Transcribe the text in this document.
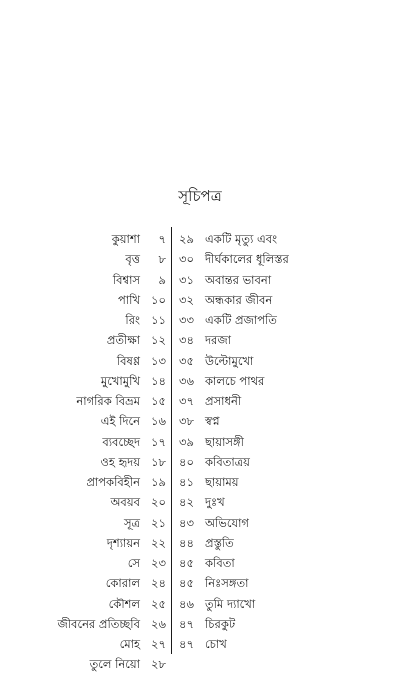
সূচিপত্র
কুয়াশা	৭
বৃত্ত	৮
বিশ্বাস	৯
পাখি ১০
রিং ১১
প্রতীক্ষা ১২
বিষণ্ণ ১৩
মুখোমুখি ১৪
নাগরিক বিভ্রম ১৫
এই দিনে ১৬
ব্যবচ্ছেদ ১৭
ওহ হৃদয় ১৮
প্রাপকবিহীন ১৯
অবয়ব ২০
সূত্র ২১
দৃশ্যায়ন ২২
সে ২৩
কোরাল ২৪
কৌশল ২৫
জীবনের প্রতিচ্ছবি ২৬
মোহ ২৭
তুলে নিয়ো ২৮
২৯ একটি মৃত্যু এবং
৩০ দীর্ঘকালের ধূলিস্তর
৩১ অবান্তর ভাবনা
৩২ অন্ধকার জীবন
৩৩ একটি প্রজাপতি
৩৪ দরজা
৩৫ উল্টোমুখো
৩৬ কালচে পাথর
৩৭ প্রসাধনী
৩৮ স্বপ্ন
৩৯ ছায়াসঙ্গী
৪০ কবিতাত্রয়
৪১ ছায়াময়
৪২ দুঃখ
৪৩ অভিযোগ
৪৪ প্রস্তুতি
৪৫ কবিতা
৪৫ নিঃসঙ্গতা
৪৬ তুমি দ্যাখো
৪৭ চিরকুট
৪৭ চোখ
